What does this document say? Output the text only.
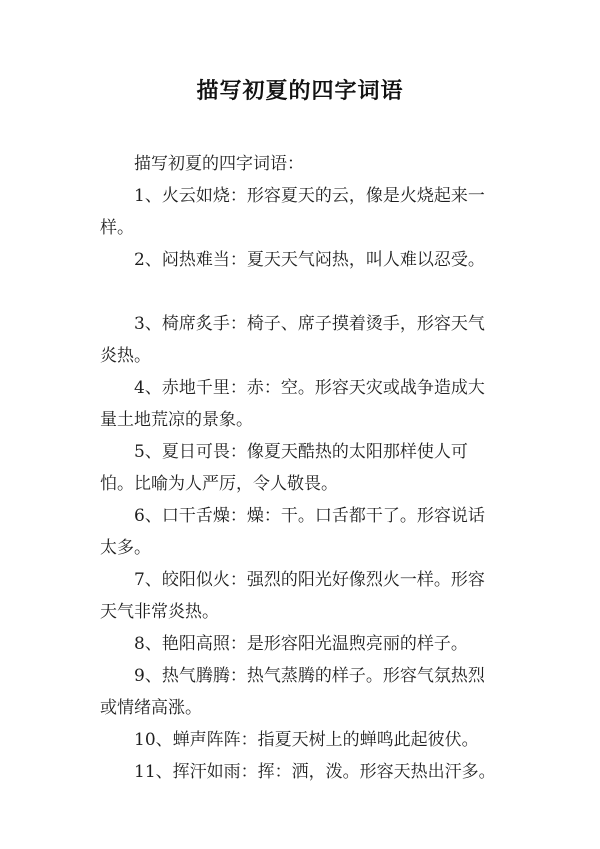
描写初夏的四字词语

描写初夏的四字词语：

1、火云如烧：形容夏天的云，像是火烧起来一样。

2、闷热难当：夏天天气闷热，叫人难以忍受。

3、椅席炙手：椅子、席子摸着烫手，形容天气炎热。

4、赤地千里：赤：空。形容天灾或战争造成大量土地荒凉的景象。

5、夏日可畏：像夏天酷热的太阳那样使人可怕。比喻为人严厉，令人敬畏。

6、口干舌燥：燥：干。口舌都干了。形容说话太多。

7、皎阳似火：强烈的阳光好像烈火一样。形容天气非常炎热。

8、艳阳高照：是形容阳光温煦亮丽的样子。

9、热气腾腾：热气蒸腾的样子。形容气氛热烈或情绪高涨。

10、蝉声阵阵：指夏天树上的蝉鸣此起彼伏。

11、挥汗如雨：挥：洒，泼。形容天热出汗多。
